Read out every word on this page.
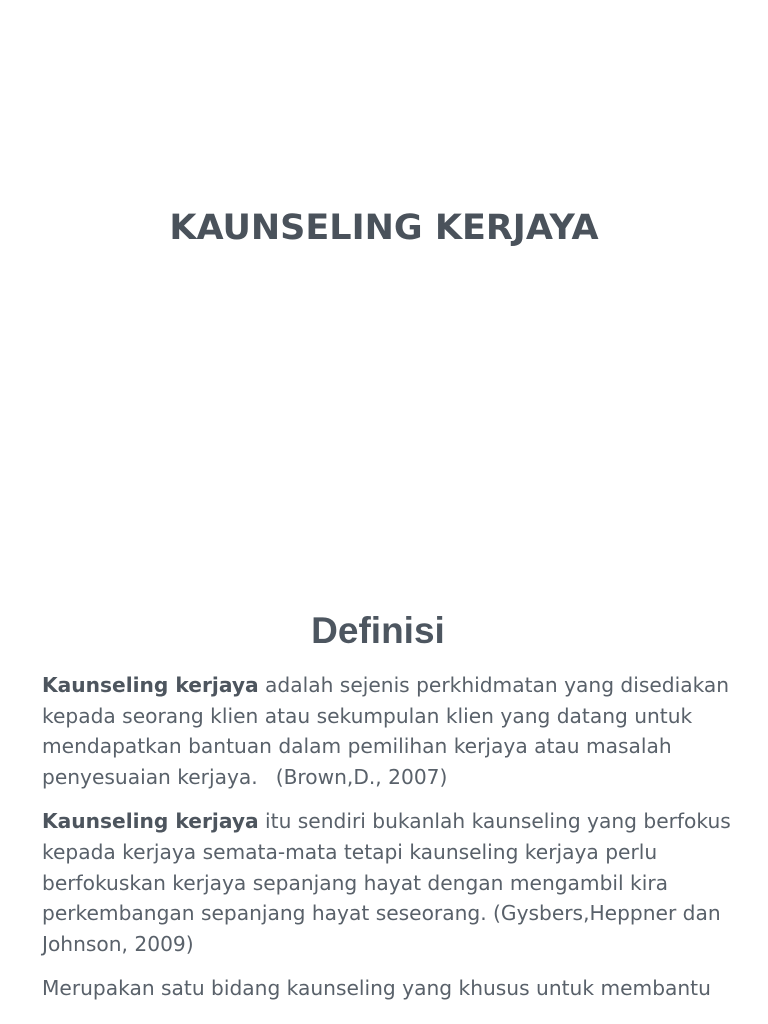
KAUNSELING KERJAYA
Definisi

Kaunseling kerjaya adalah sejenis perkhidmatan yang disediakan kepada seorang klien atau sekumpulan klien yang datang untuk mendapatkan bantuan dalam pemilihan kerjaya atau masalah penyesuaian kerjaya. (Brown,D., 2007)

Kaunseling kerjaya itu sendiri bukanlah kaunseling yang berfokus kepada kerjaya semata-mata tetapi kaunseling kerjaya perlu berfokuskan kerjaya sepanjang hayat dengan mengambil kira perkembangan sepanjang hayat seseorang. (Gysbers,Heppner dan Johnson, 2009)

Merupakan satu bidang kaunseling yang khusus untuk membantu
